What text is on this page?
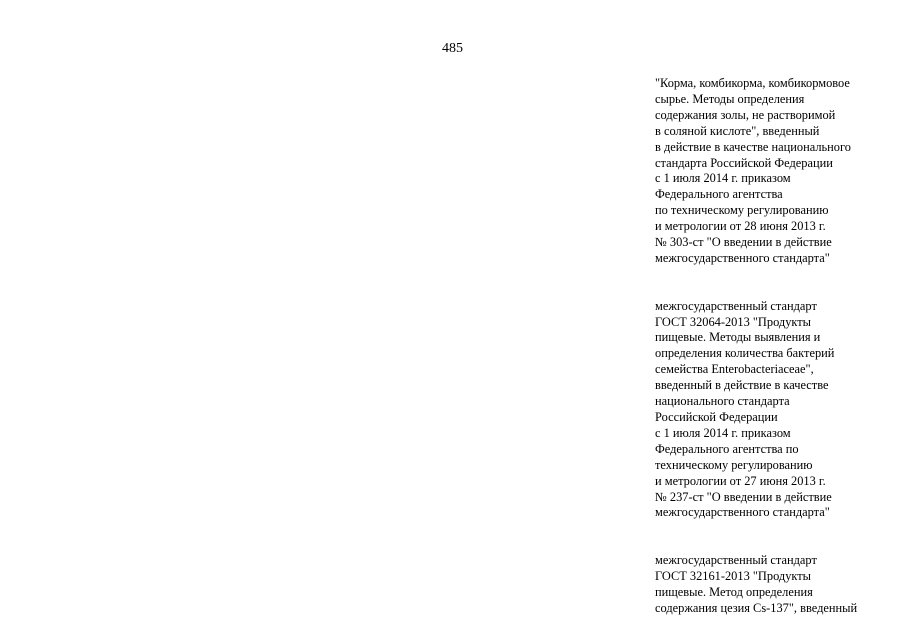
485

"Корма, комбикорма, комбикормовое
сырье. Методы определения
содержания золы, не растворимой
в соляной кислоте", введенный
в действие в качестве национального
стандарта Российской Федерации
с 1 июля 2014 г. приказом
Федерального агентства
по техническому регулированию
и метрологии от 28 июня 2013 г.
№ 303-ст "О введении в действие
межгосударственного стандарта"

межгосударственный стандарт
ГОСТ 32064-2013 "Продукты
пищевые. Методы выявления и
определения количества бактерий
семейства Enterobacteriaceae",
введенный в действие в качестве
национального стандарта
Российской Федерации
с 1 июля 2014 г. приказом
Федерального агентства по
техническому регулированию
и метрологии от 27 июня 2013 г.
№ 237-ст "О введении в действие
межгосударственного стандарта"

межгосударственный стандарт
ГОСТ 32161-2013 "Продукты
пищевые. Метод определения
содержания цезия Cs-137", введенный
